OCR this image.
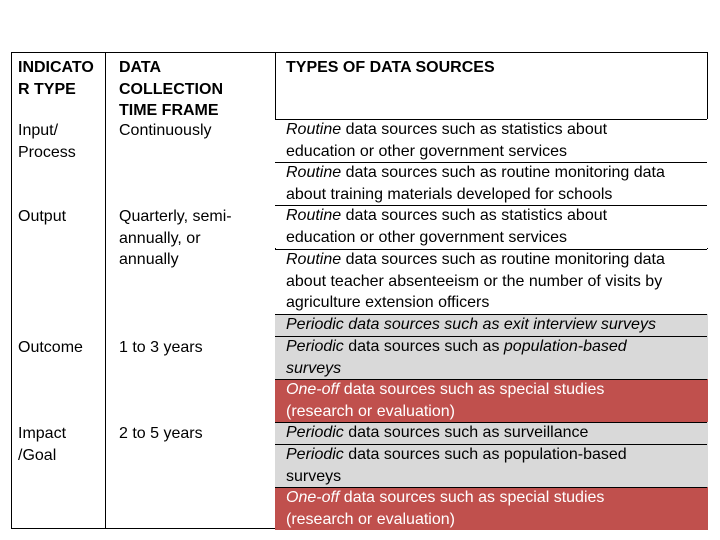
INDICATO
R TYPE
DATA
COLLECTION
TIME FRAME
TYPES OF DATA SOURCES
Input/
Process
Continuously
Output	Quarterly, semi-
annually, or
annually
Outcome 1 to 3 years
Impact
/Goal
2 to 5 years
Routine data sources such as statistics about
education or other government services
Routine data sources such as routine monitoring data
about training materials developed for schools
Routine data sources such as statistics about
education or other government services
Routine data sources such as routine monitoring data
about teacher absenteeism or the number of visits by
agriculture extension officers
Periodic data sources such as exit interview surveys
Periodic data sources such as population-based
surveys
One-off data sources such as special studies
(research or evaluation)
Periodic data sources such as surveillance
Periodic data sources such as population-based
surveys
One-off data sources such as special studies
(research or evaluation)
